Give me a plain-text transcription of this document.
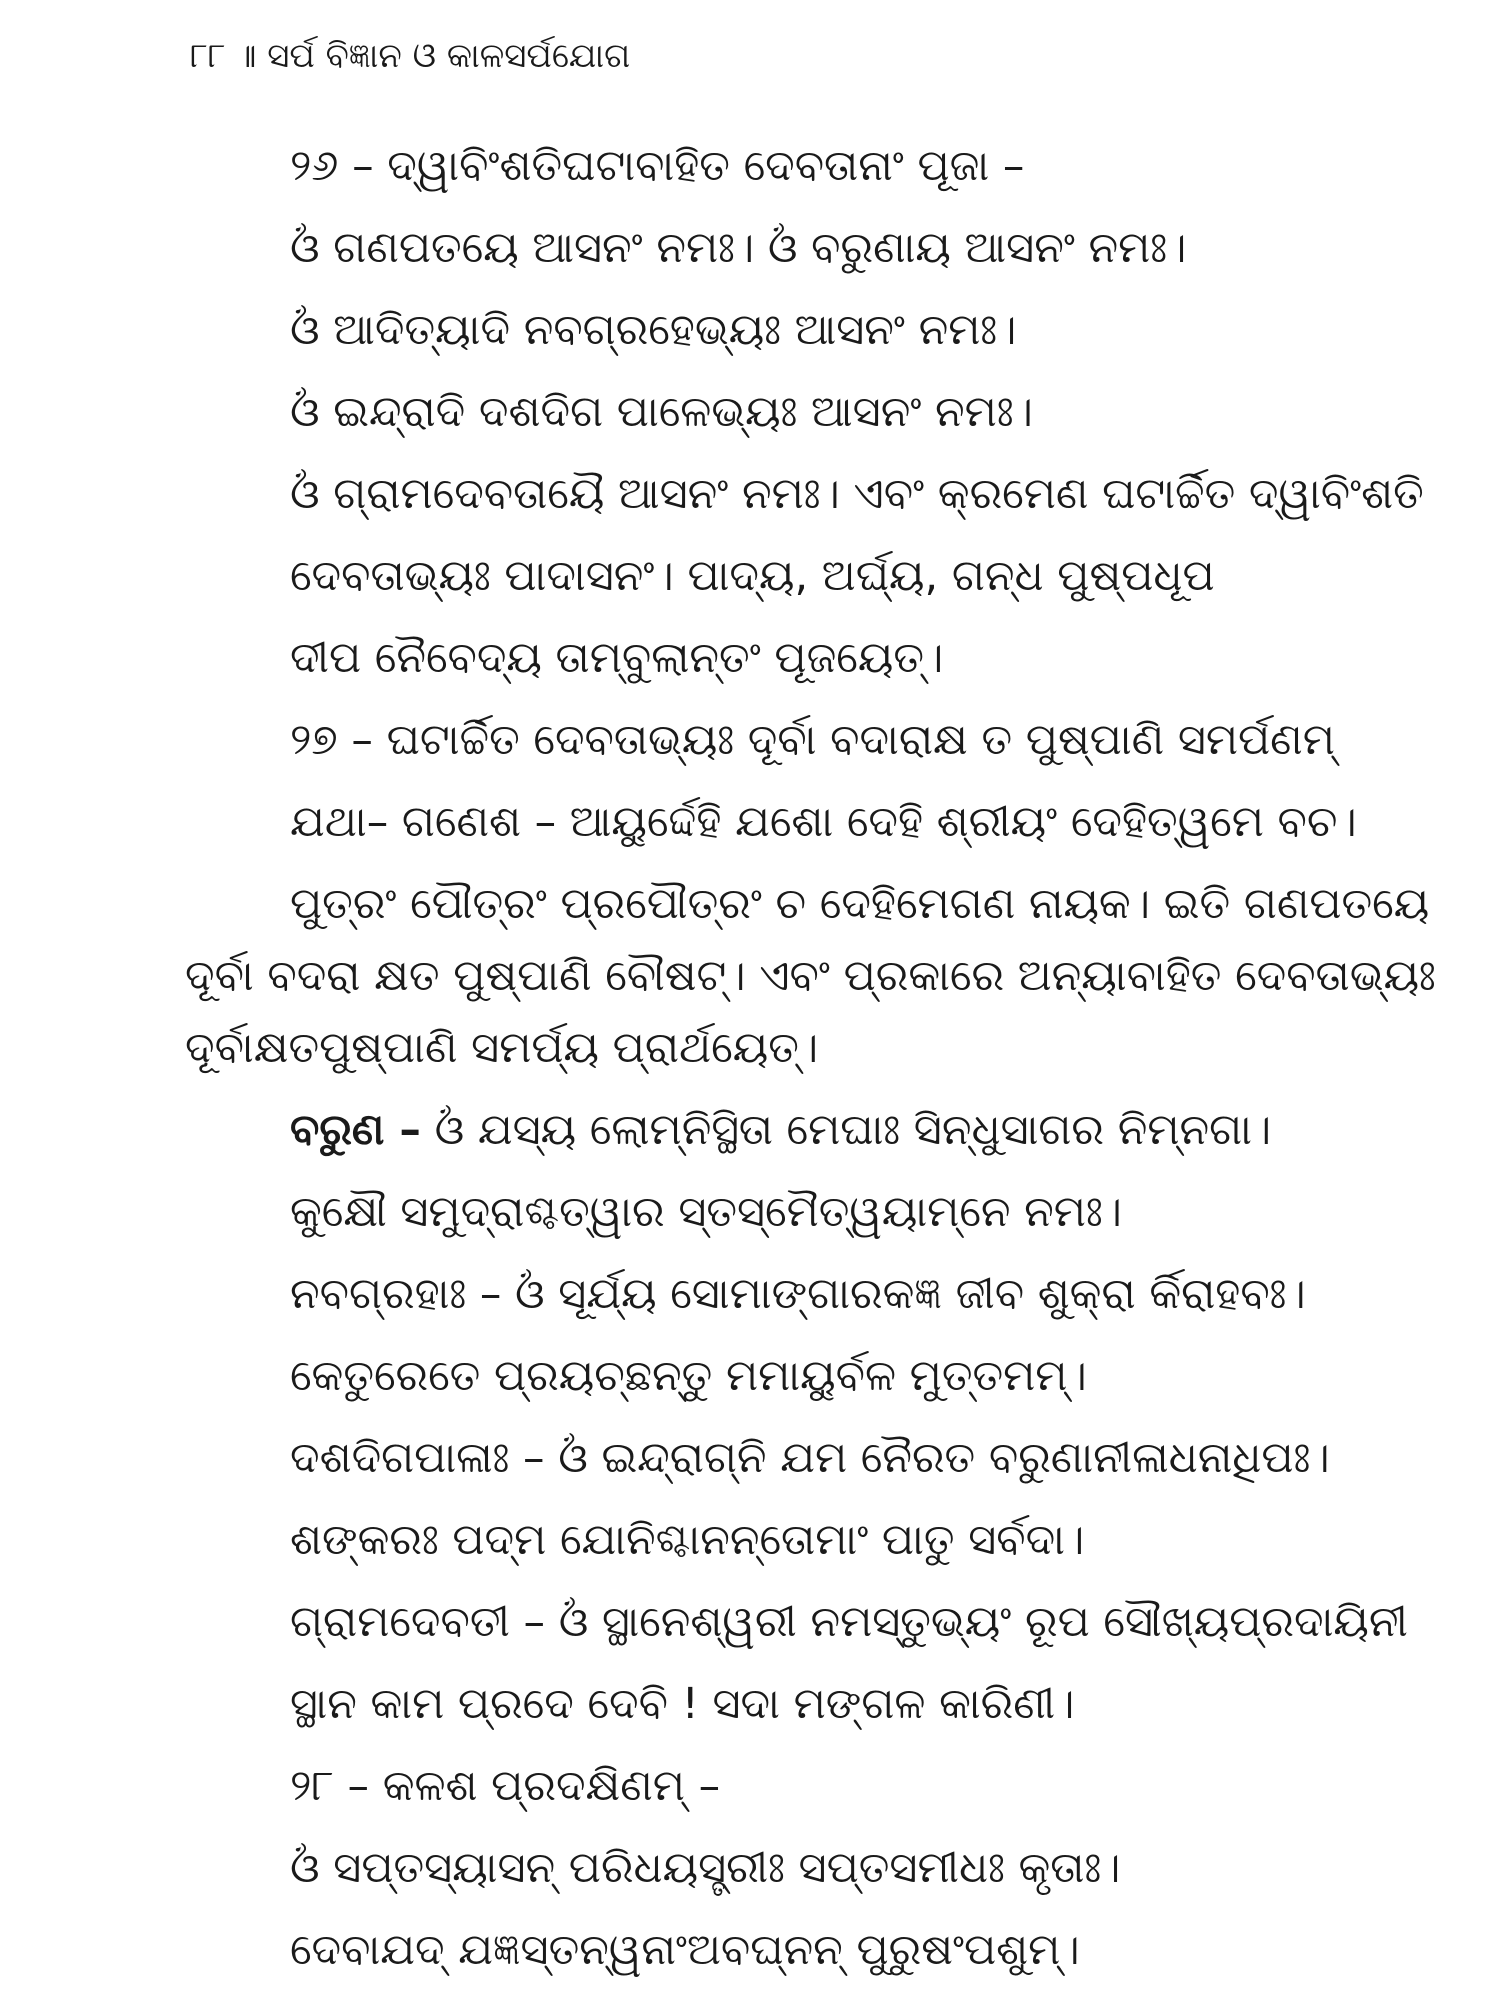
୮୮ ॥ ସର୍ପ ବିଜ୍ଞାନ ଓ କାଳସର୍ପଯୋଗ
୨୬ – ଦ୍ୱାବିଂଶତିଘଟାବାହିତ ଦେବତାନାଂ ପୂଜା –
ଓଁ ଗଣପତୟେ ଆସନଂ ନମଃ। ଓଁ ବରୁଣାୟ ଆସନଂ ନମଃ।
ଓଁ ଆଦିତ୍ୟାଦି ନବଗ୍ରହେଭ୍ୟଃ ଆସନଂ ନମଃ।
ଓଁ ଇନ୍ଦ୍ରାଦି ଦଶଦିଗ ପାଳେଭ୍ୟଃ ଆସନଂ ନମଃ।
ଓଁ ଗ୍ରାମଦେବତାୟୈ ଆସନଂ ନମଃ। ଏବଂ କ୍ରମେଣ ଘଟାର୍ଚ୍ଚିତ ଦ୍ୱାବିଂଶତି
ଦେବତାଭ୍ୟଃ ପାଦାସନଂ। ପାଦ୍ୟ, ଅର୍ଘ୍ୟ, ଗନ୍ଧ ପୁଷ୍ପଧୂପ
ଦୀପ ନୈବେଦ୍ୟ ତାମ୍ବୁଲାନ୍ତଂ ପୂଜୟେତ୍।
୨୭ – ଘଟାର୍ଚ୍ଚିତ ଦେବତାଭ୍ୟଃ ଦୂର୍ବା ବଦାରାକ୍ଷ ତ ପୁଷ୍ପାଣି ସମର୍ପଣମ୍
ଯଥା– ଗଣେଶ – ଆୟୁର୍ଦ୍ଦେହି ଯଶୋ ଦେହି ଶ୍ରୀୟଂ ଦେହିତ୍ୱମେ ବଚ।
ପୁତ୍ରଂ ପୌତ୍ରଂ ପ୍ରପୌତ୍ରଂ ଚ ଦେହିମେଗଣ ନାୟକ। ଇତି ଗଣପତୟେ
ଦୂର୍ବା ବଦରା କ୍ଷତ ପୁଷ୍ପାଣି ବୌଷଟ୍। ଏବଂ ପ୍ରକାରେ ଅନ୍ୟାବାହିତ ଦେବତାଭ୍ୟଃ
ଦୂର୍ବାକ୍ଷତପୁଷ୍ପାଣି ସମର୍ପ୍ୟ ପ୍ରାର୍ଥୟେତ୍।
ବରୁଣ – ଓଁ ଯସ୍ୟ ଲୋମ୍ନିସ୍ଥିତା ମେଘାଃ ସିନ୍ଧୁସାଗର ନିମ୍ନଗା।
କୁକ୍ଷୌ ସମୁଦ୍ରାଶ୍ଚତ୍ୱାର ସ୍ତସ୍ମୈତ୍ୱୟାମ୍ନେ ନମଃ।
ନବଗ୍ରହାଃ – ଓଁ ସୂର୍ଯ୍ୟ ସୋମାଙ୍ଗାରକଜ୍ଞ ଜୀବ ଶୁକ୍ରା ର୍କିରାହବଃ।
କେତୁରେତେ ପ୍ରୟଚ୍ଛନ୍ତୁ ମମାୟୁର୍ବଳ ମୁତ୍ତମମ୍।
ଦଶଦିଗପାଳାଃ – ଓଁ ଇନ୍ଦ୍ରାଗ୍ନି ଯମ ନୈରତ ବରୁଣାନୀଳାଧନାଧିପଃ।
ଶଙ୍କରଃ ପଦ୍ମ ଯୋନିଶ୍ଚାନନ୍ତୋମାଂ ପାତୁ ସର୍ବଦା।
ଗ୍ରାମଦେବତୀ – ଓଁ ସ୍ଥାନେଶ୍ୱରୀ ନମସ୍ତୁଭ୍ୟଂ ରୂପ ସୌଖ୍ୟପ୍ରଦାୟିନୀ
ସ୍ଥାନ କାମ ପ୍ରଦେ ଦେବି ! ସଦା ମଙ୍ଗଳ କାରିଣୀ।
୨୮ – କଳଶ ପ୍ରଦକ୍ଷିଣମ୍ –
ଓଁ ସପ୍ତସ୍ୟାସନ୍ ପରିଧୟସ୍ତ୍ରୀଃ ସପ୍ତସମୀଧଃ କୃତାଃ।
ଦେବାଯଦ୍ ଯଜ୍ଞସ୍ତନ୍ୱନାଂଅବଘ୍ନନ୍ ପୁରୁଷଂପଶୁମ୍।
